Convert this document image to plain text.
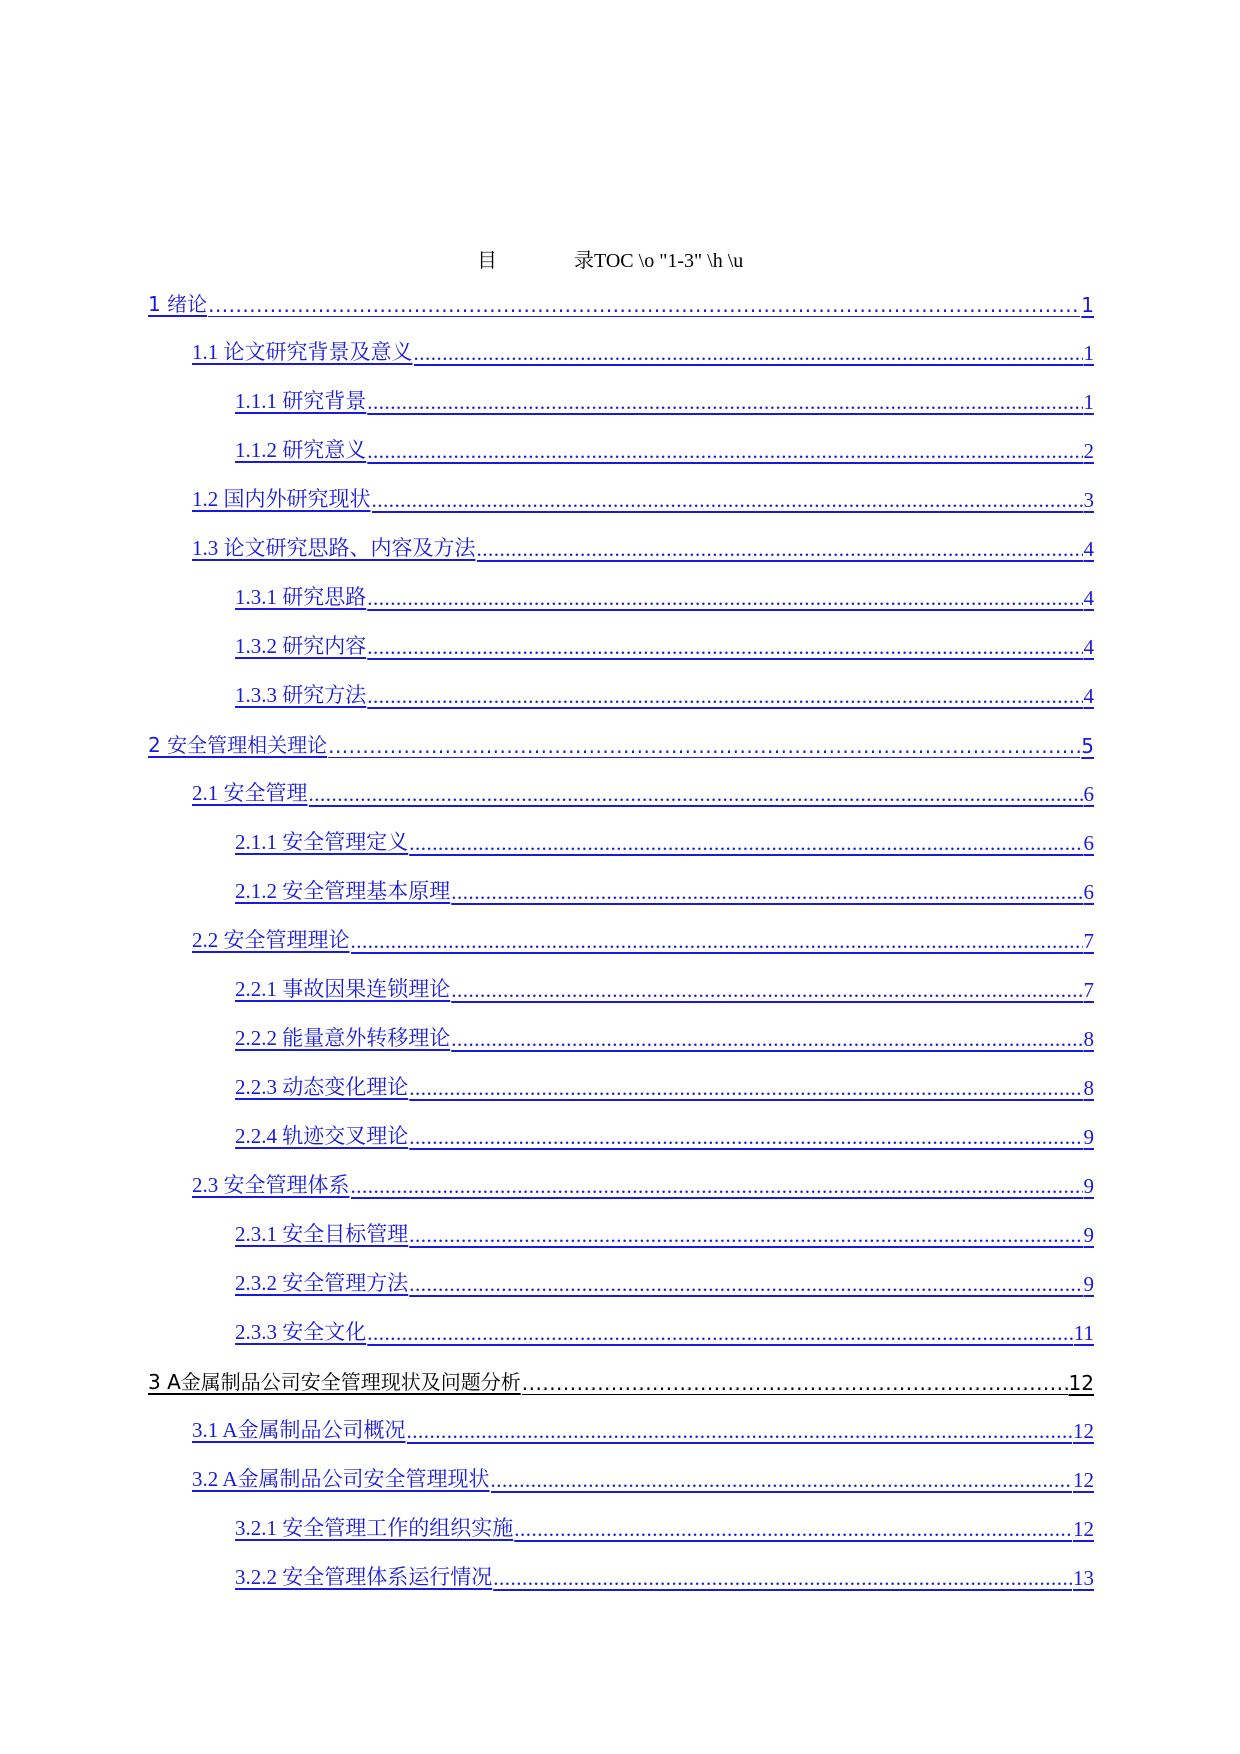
目	录TOC \o "1-3" \h \u
1 绪论 .....	1
1.1 论文研究背景及意义 .....	1
1.1.1 研究背景 .....	1
1.1.2 研究意义 .....	2
1.2 国内外研究现状 .....	3
1.3 论文研究思路、内容及方法 .....	4
1.3.1 研究思路 .....	4
1.3.2 研究内容 .....	4
1.3.3 研究方法 .....	4
2 安全管理相关理论 .....	5
2.1 安全管理 .....	6
2.1.1 安全管理定义 .....	6
2.1.2 安全管理基本原理 .....	6
2.2 安全管理理论 .....	7
2.2.1 事故因果连锁理论 .....	7
2.2.2 能量意外转移理论 .....	8
2.2.3 动态变化理论 .....	8
2.2.4 轨迹交叉理论 .....	9
2.3 安全管理体系 .....	9
2.3.1 安全目标管理 .....	9
2.3.2 安全管理方法 .....	9
2.3.3 安全文化 .....	11
3 A金属制品公司安全管理现状及问题分析 .....	12
3.1 A金属制品公司概况 .....	12
3.2 A金属制品公司安全管理现状 .....	12
3.2.1 安全管理工作的组织实施 .....	12
3.2.2 安全管理体系运行情况 .....	13
